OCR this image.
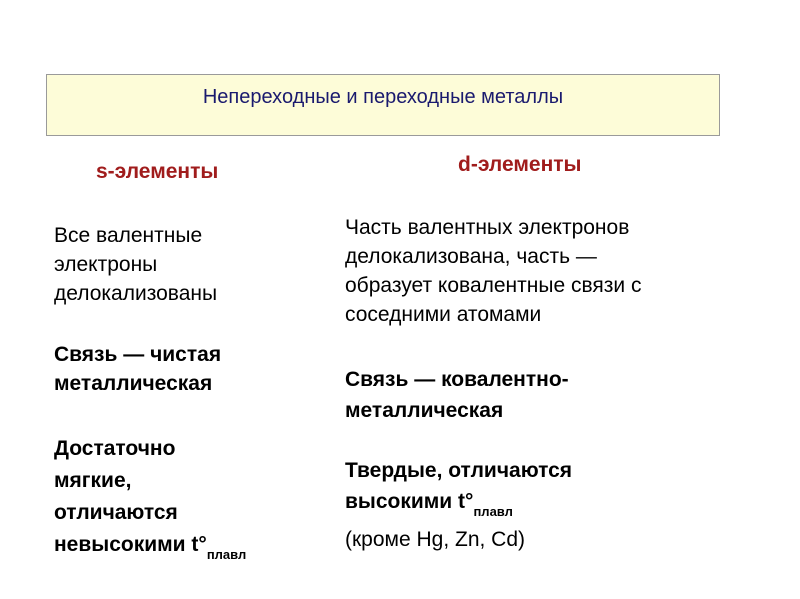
Непереходные и переходные металлы
s-элементы	d-элементы
Все валентные
электроны
делокализованы
Связь — чистая
металлическая
Достаточно
мягкие,
отличаются
невысокими $t^\circ_{плавл}$
Часть валентных электронов
делокализована, часть —
образует ковалентные связи с
соседними атомами
Связь — ковалентно-
металлическая
Твердые, отличаются
высокими $t^\circ_{плавл}$
(кроме Hg, Zn, Cd)
